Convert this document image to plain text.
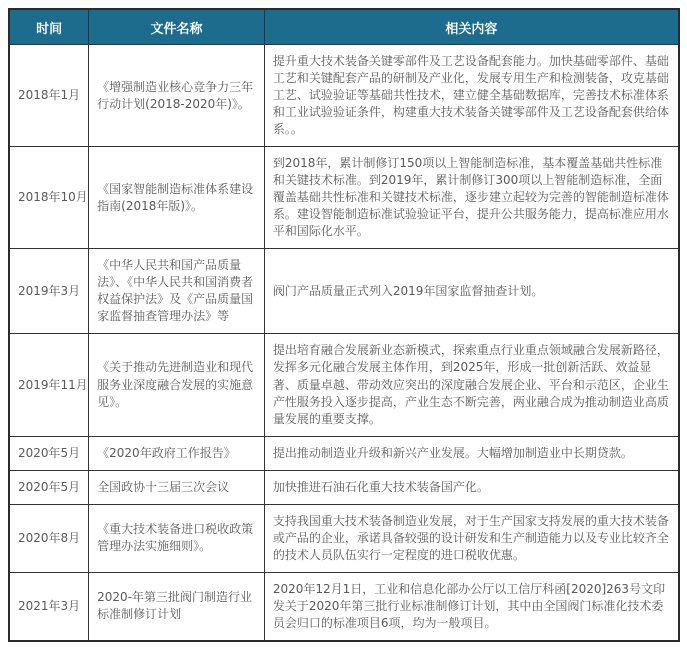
时间	文件名称	相关内容
2018年1月	《增强制造业核心竞争力三年行动计划(2018-2020年)》。	提升重大技术装备关键零部件及工艺设备配套能力。加快基础零部件、基础工艺和关键配套产品的研制及产业化，发展专用生产和检测装备，攻克基础工艺、试验验证等基础共性技术，建立健全基础数据库，完善技术标准体系和工业试验验证条件，构建重大技术装备关键零部件及工艺设备配套供给体系。。
2018年10月	《国家智能制造标准体系建设指南(2018年版)》。	到2018年，累计制修订150项以上智能制造标准，基本覆盖基础共性标准和关键技术标准。到2019年，累计制修订300项以上智能制造标准，全面覆盖基础共性标准和关键技术标准，逐步建立起较为完善的智能制造标准体系。建设智能制造标准试验验证平台，提升公共服务能力，提高标准应用水平和国际化水平。
2019年3月	《中华人民共和国产品质量法》、《中华人民共和国消费者权益保护法》及《产品质量国家监督抽查管理办法》等	阀门产品质量正式列入2019年国家监督抽查计划。
2019年11月	《关于推动先进制造业和现代服务业深度融合发展的实施意见》。	提出培育融合发展新业态新模式，探索重点行业重点领域融合发展新路径，发挥多元化融合发展主体作用，到2025年，形成一批创新活跃、效益显著、质量卓越、带动效应突出的深度融合发展企业、平台和示范区，企业生产性服务投入逐步提高，产业生态不断完善，两业融合成为推动制造业高质量发展的重要支撑。
2020年5月	《2020年政府工作报告》	提出推动制造业升级和新兴产业发展。大幅增加制造业中长期贷款。
2020年5月	全国政协十三届三次会议	加快推进石油石化重大技术装备国产化。
2020年8月	《重大技术装备进口税收政策管理办法实施细则》。	支持我国重大技术装备制造业发展，对于生产国家支持发展的重大技术装备或产品的企业，承诺具备较强的设计研发和生产制造能力以及专业比较齐全的技术人员队伍实行一定程度的进口税收优惠。
2021年3月	2020-年第三批阀门制造行业标准制修订计划	2020年12月1日，工业和信息化部办公厅以工信厅科函[2020]263号文印发关于2020年第三批行业标准制修订计划，其中由全国阀门标准化技术委员会归口的标准项目6项，均为一般项目。
